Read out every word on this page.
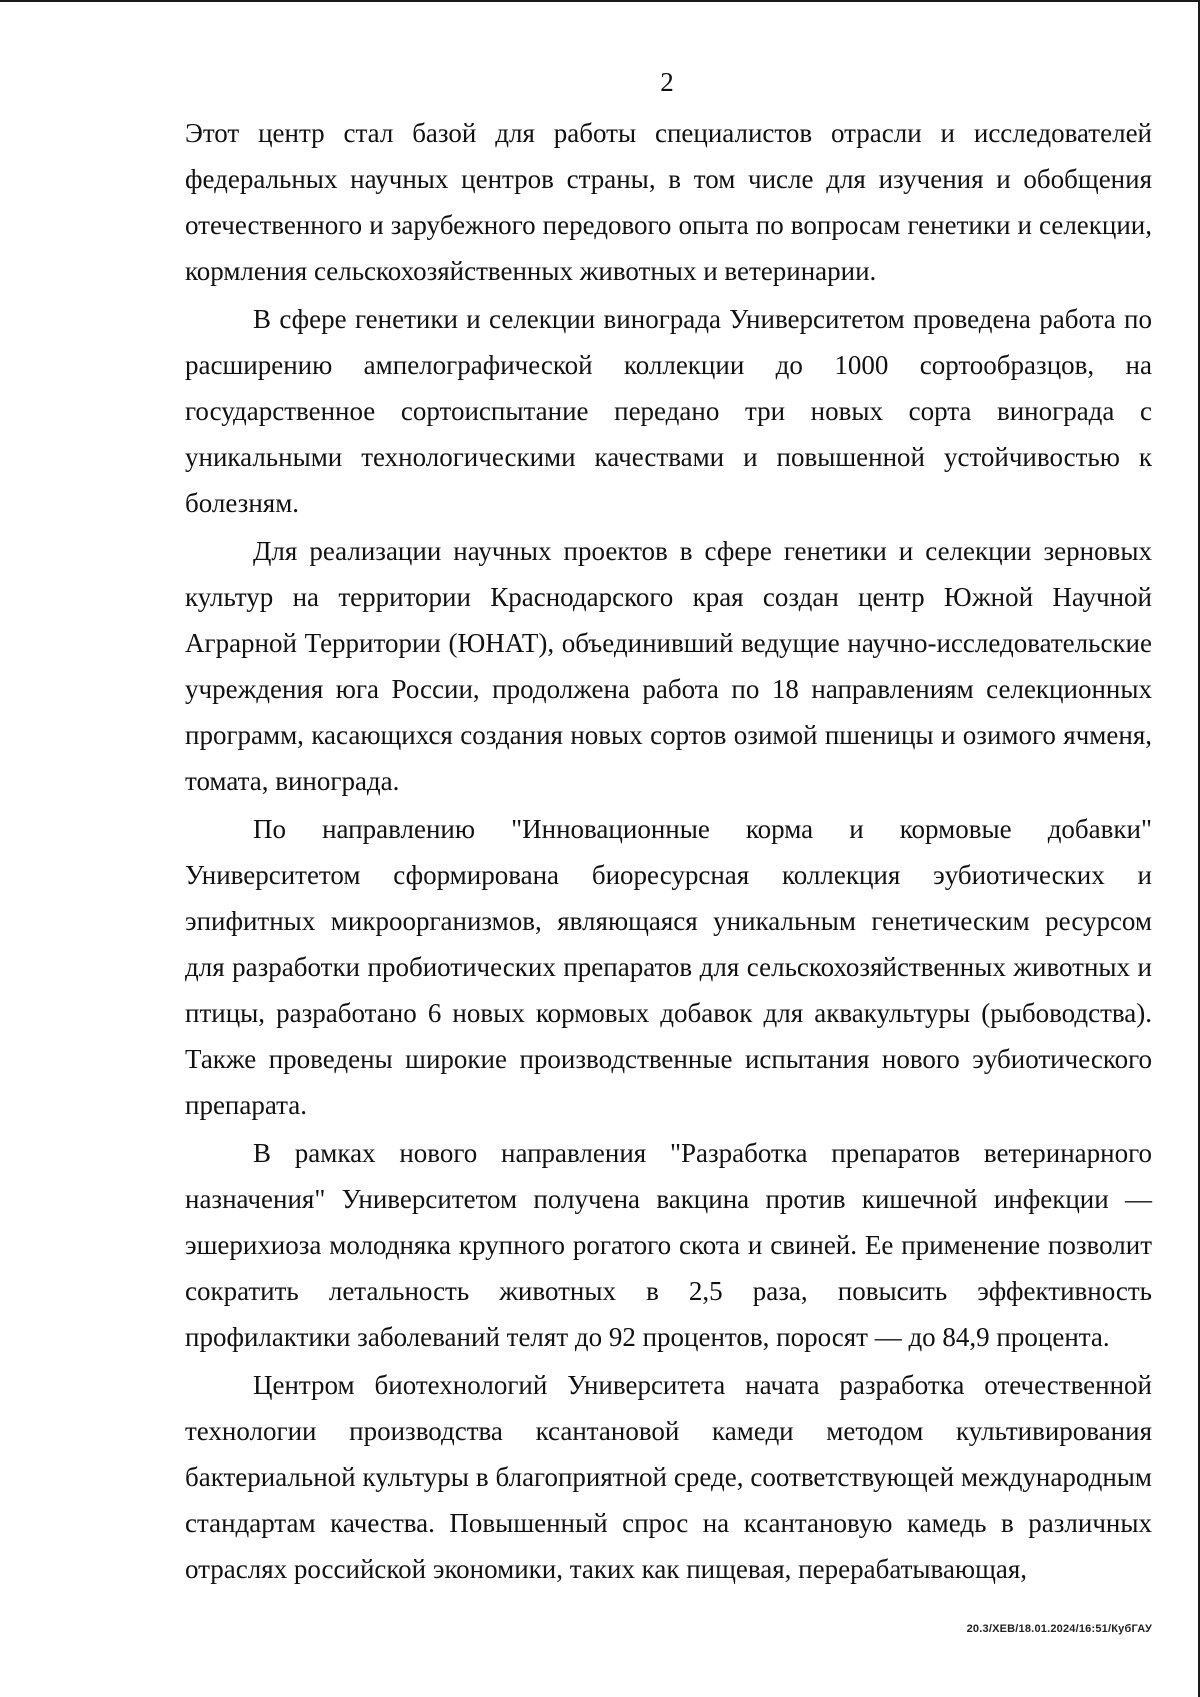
2

Этот центр стал базой для работы специалистов отрасли и исследователей федеральных научных центров страны, в том числе для изучения и обобщения отечественного и зарубежного передового опыта по вопросам генетики и селекции, кормления сельскохозяйственных животных и ветеринарии.

В сфере генетики и селекции винограда Университетом проведена работа по расширению ампелографической коллекции до 1000 сортообразцов, на государственное сортоиспытание передано три новых сорта винограда с уникальными технологическими качествами и повышенной устойчивостью к болезням.

Для реализации научных проектов в сфере генетики и селекции зерновых культур на территории Краснодарского края создан центр Южной Научной Аграрной Территории (ЮНАТ), объединивший ведущие научно-исследовательские учреждения юга России, продолжена работа по 18 направлениям селекционных программ, касающихся создания новых сортов озимой пшеницы и озимого ячменя, томата, винограда.

По направлению "Инновационные корма и кормовые добавки" Университетом сформирована биоресурсная коллекция эубиотических и эпифитных микроорганизмов, являющаяся уникальным генетическим ресурсом для разработки пробиотических препаратов для сельскохозяйственных животных и птицы, разработано 6 новых кормовых добавок для аквакультуры (рыбоводства). Также проведены широкие производственные испытания нового эубиотического препарата.

В рамках нового направления "Разработка препаратов ветеринарного назначения" Университетом получена вакцина против кишечной инфекции — эшерихиоза молодняка крупного рогатого скота и свиней. Ее применение позволит сократить летальность животных в 2,5 раза, повысить эффективность профилактики заболеваний телят до 92 процентов, поросят — до 84,9 процента.

Центром биотехнологий Университета начата разработка отечественной технологии производства ксантановой камеди методом культивирования бактериальной культуры в благоприятной среде, соответствующей международным стандартам качества. Повышенный спрос на ксантановую камедь в различных отраслях российской экономики, таких как пищевая, перерабатывающая,

20.3/ХЕВ/18.01.2024/16:51/КубГАУ
